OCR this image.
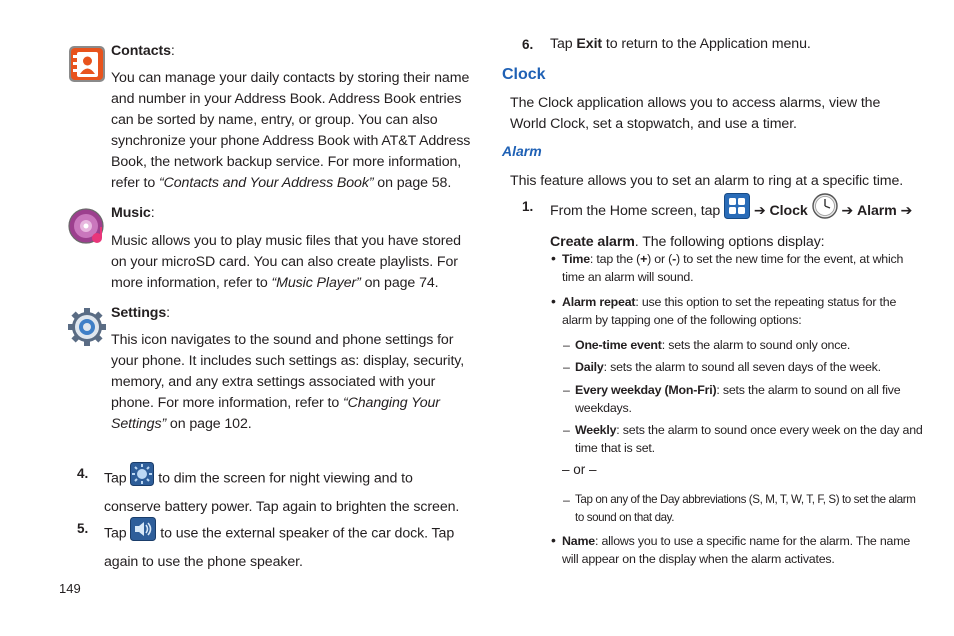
Contacts:
You can manage your daily contacts by storing their name
and number in your Address Book. Address Book entries
can be sorted by name, entry, or group. You can also
synchronize your phone Address Book with AT&T Address
Book, the network backup service. For more information,
refer to “Contacts and Your Address Book” on page 58.
Music:
Music allows you to play music files that you have stored
on your microSD card. You can also create playlists. For
more information, refer to “Music Player” on page 74.
Settings:
This icon navigates to the sound and phone settings for
your phone. It includes such settings as: display, security,
memory, and any extra settings associated with your
phone. For more information, refer to “Changing Your
Settings” on page 102.
4. Tap  to dim the screen for night viewing and to
conserve battery power. Tap again to brighten the screen.
5. Tap  to use the external speaker of the car dock. Tap
again to use the phone speaker.
149
6. Tap Exit to return to the Application menu.
Clock
The Clock application allows you to access alarms, view the
World Clock, set a stopwatch, and use a timer.
Alarm
This feature allows you to set an alarm to ring at a specific time.
1. From the Home screen, tap  ➔ Clock ➔ Alarm ➔
Create alarm. The following options display:
• Time: tap the (+) or (-) to set the new time for the event, at which
time an alarm will sound.
• Alarm repeat: use this option to set the repeating status for the
alarm by tapping one of the following options:
– One-time event: sets the alarm to sound only once.
– Daily: sets the alarm to sound all seven days of the week.
– Every weekday (Mon-Fri): sets the alarm to sound on all five
weekdays.
– Weekly: sets the alarm to sound once every week on the day and
time that is set.
– or –
– Tap on any of the Day abbreviations (S, M, T, W, T, F, S) to set the alarm
to sound on that day.
• Name: allows you to use a specific name for the alarm. The name
will appear on the display when the alarm activates.
